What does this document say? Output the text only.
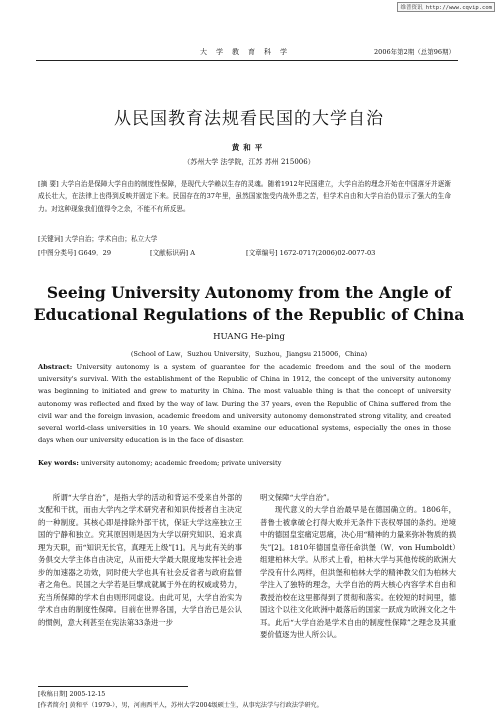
维普资讯 http://www.cqvip.com
大学教育科学	2006年第2期（总第96期）
从民国教育法规看民国的大学自治
黄和平
（苏州大学 法学院，江苏 苏州 215006）
[摘 要] 大学自治是保障大学自由的制度性保障，是现代大学赖以生存的灵魂。随着1912年民国建立，大学自治的理念开始在中国落牙并逐渐成长壮大，在法律上也得到反映并固定下来。民国存在的37年里，虽然国家饱受内战外患之苦，但学术自由和大学自治仍显示了强大的生命力。对这种现象我们值得令之余，不能不有所反思。
[关键词] 大学自治；学术自由；私立大学
[中图分类号] G649．29	[文献标识码] A	[文章编号] 1672-0717(2006)02-0077-03
Seeing University Autonomy from the Angle of
Educational Regulations of the Republic of China
HUANG He-ping
(School of Law，Suzhou University，Suzhou，Jiangsu 215006，China)
Abstract: University autonomy is a system of guarantee for the academic freedom and the soul of the modern university's survival. With the establishment of the Republic of China in 1912, the concept of the university autonomy was beginning to initiated and grew to maturity in China. The most valuable thing is that the concept of university autonomy was reflected and fixed by the way of law. During the 37 years, even the Republic of China suffered from the civil war and the foreign invasion, academic freedom and university autonomy demonstrated strong vitality, and created several world-class universities in 10 years. We should examine our educational systems, especially the ones in those days when our university education is in the face of disaster.
Key words: university autonomy; academic freedom; private university

所谓“大学自治”，是指大学的活动和背运不受来自外部的支配和干扰，而由大学内之学术研究者和知识传授者自主决定的一种制度。其核心即是排除外部干扰，保证大学这座独立王国的宁静和独立。究其原因则是因为大学以研究知识、追求真理为天职，而“知识无长官，真理无上级”[1]。凡与此有关的事务俱交大学主体自由决定，从而使大学最大限度地发挥社会进步的加速器之功效，同时使大学也具有社会反省者与政府监督者之角色。民国之大学若是巨擘成就属于外在的权威或势力，充当所保障的学术自由则形同虚设。由此可见，大学自治实为学术自由的制度性保障。目前在世界各国，大学自治已是公认的惯例，意大利甚至在宪法第33条进一步

明文保障“大学自治”。

现代意义的大学自治最早是在德国确立的。1806年，普鲁士被拿破仑打得大败并无条件下丧权辱国的条约。逆境中的德国皇室痛定思痛，决心用“精神的力量来弥补物质的损失”[2]。1810年德国皇帝任命洪堡（W．von Humboldt）组建柏林大学。从形式上看，柏林大学与其他传统的欧洲大学没有什么两样，但洪堡和柏林大学的精神教父们为柏林大学注入了独特的理念，大学自治的两大核心内容学术自由和教授治校在这里都得到了贯彻和落实。在较短的时间里，德国这个以往文化欧洲中最落后的国家一跃成为欧洲文化之牛耳。此后“大学自治是学术自由的制度性保障”之理念及其重要价值逐为世人所公认。

[收稿日期] 2005-12-15
[作者简介] 黄和平（1979-），男，河南西平人，苏州大学2004级硕士生，从事宪法学与行政法学研究。
